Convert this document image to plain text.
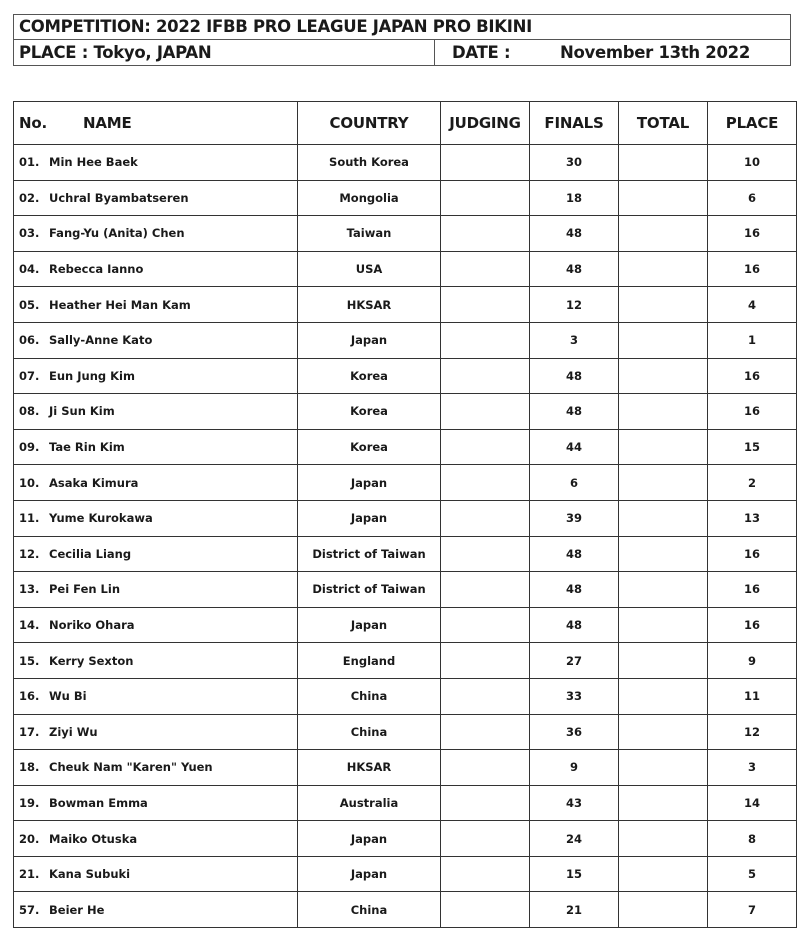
COMPETITION: 2022 IFBB PRO LEAGUE JAPAN PRO BIKINI
PLACE : Tokyo, JAPAN	DATE :	November 13th 2022
No. NAME	COUNTRY	JUDGING	FINALS	TOTAL	PLACE
01. Min Hee Baek	South Korea		30		10
02. Uchral Byambatseren	Mongolia		18		6
03. Fang-Yu (Anita) Chen	Taiwan		48		16
04. Rebecca Ianno	USA		48		16
05. Heather Hei Man Kam	HKSAR		12		4
06. Sally-Anne Kato	Japan		3		1
07. Eun Jung Kim	Korea		48		16
08. Ji Sun Kim	Korea		48		16
09. Tae Rin Kim	Korea		44		15
10. Asaka Kimura	Japan		6		2
11. Yume Kurokawa	Japan		39		13
12. Cecilia Liang	District of Taiwan		48		16
13. Pei Fen Lin	District of Taiwan		48		16
14. Noriko Ohara	Japan		48		16
15. Kerry Sexton	England		27		9
16. Wu Bi	China		33		11
17. Ziyi Wu	China		36		12
18. Cheuk Nam "Karen" Yuen	HKSAR		9		3
19. Bowman Emma	Australia		43		14
20. Maiko Otuska	Japan		24		8
21. Kana Subuki	Japan		15		5
57. Beier He	China		21		7
